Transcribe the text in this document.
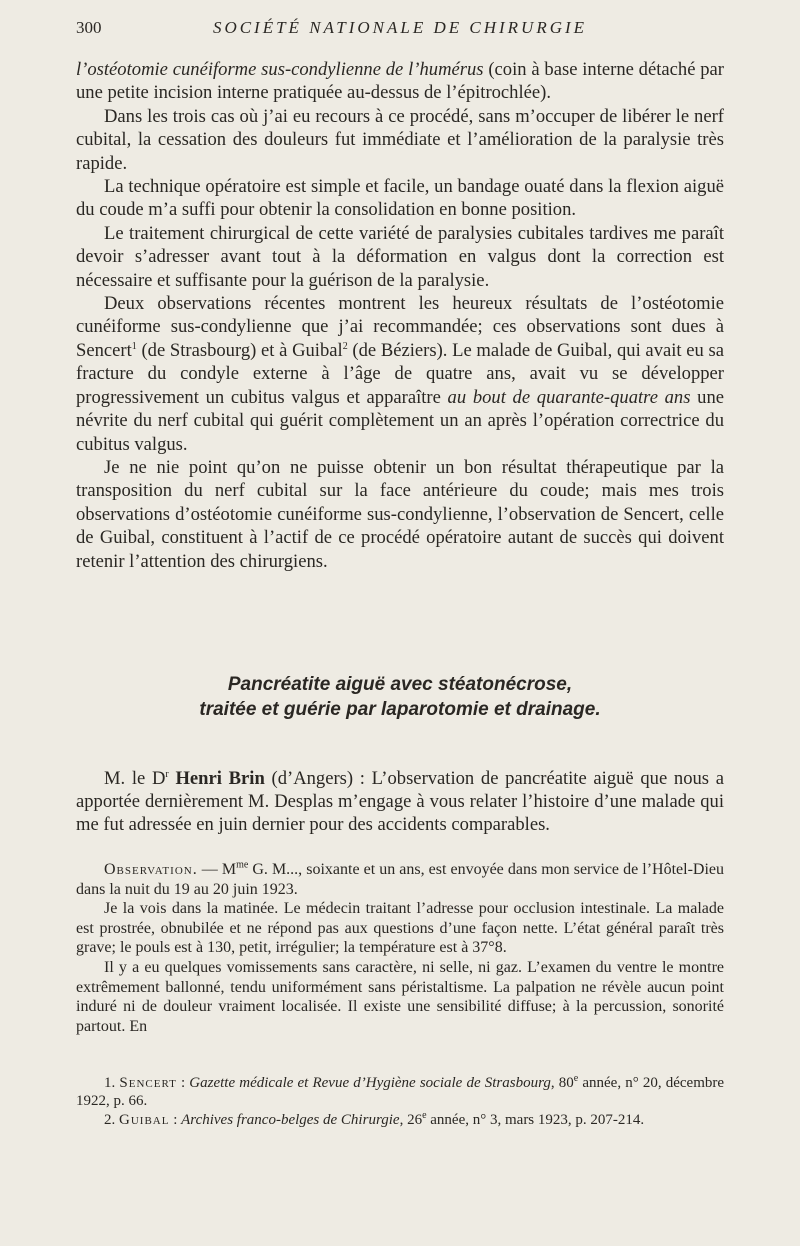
300	SOCIÉTÉ NATIONALE DE CHIRURGIE

l’ostéotomie cunéiforme sus-condylienne de l’humérus (coin à base interne détaché par une petite incision interne pratiquée au-dessus de l’épitrochlée).

Dans les trois cas où j’ai eu recours à ce procédé, sans m’occuper de libérer le nerf cubital, la cessation des douleurs fut immédiate et l’amélioration de la paralysie très rapide.

La technique opératoire est simple et facile, un bandage ouaté dans la flexion aiguë du coude m’a suffi pour obtenir la consolidation en bonne position.

Le traitement chirurgical de cette variété de paralysies cubitales tardives me paraît devoir s’adresser avant tout à la déformation en valgus dont la correction est nécessaire et suffisante pour la guérison de la paralysie.

Deux observations récentes montrent les heureux résultats de l’ostéotomie cunéiforme sus-condylienne que j’ai recommandée; ces observations sont dues à Sencert$^1$ (de Strasbourg) et à Guibal$^2$ (de Béziers). Le malade de Guibal, qui avait eu sa fracture du condyle externe à l’âge de quatre ans, avait vu se développer progressivement un cubitus valgus et apparaître au bout de quarante-quatre ans une névrite du nerf cubital qui guérit complètement un an après l’opération correctrice du cubitus valgus.

Je ne nie point qu’on ne puisse obtenir un bon résultat thérapeutique par la transposition du nerf cubital sur la face antérieure du coude; mais mes trois observations d’ostéotomie cunéiforme sus-condylienne, l’observation de Sencert, celle de Guibal, constituent à l’actif de ce procédé opératoire autant de succès qui doivent retenir l’attention des chirurgiens.

Pancréatite aiguë avec stéatonécrose,
traitée et guérie par laparotomie et drainage.

M. le $D^r$ Henri Brin (d’Angers) : L’observation de pancréatite aiguë que nous a apportée dernièrement M. Desplas m’engage à vous relater l’histoire d’une malade qui me fut adressée en juin dernier pour des accidents comparables.

Observation. — $M^{me}$ G. M..., soixante et un ans, est envoyée dans mon service de l’Hôtel-Dieu dans la nuit du 19 au 20 juin 1923.

Je la vois dans la matinée. Le médecin traitant l’adresse pour occlusion intestinale. La malade est prostrée, obnubilée et ne répond pas aux questions d’une façon nette. L’état général paraît très grave; le pouls est à 130, petit, irrégulier; la température est à 37°8.

Il y a eu quelques vomissements sans caractère, ni selle, ni gaz. L’examen du ventre le montre extrêmement ballonné, tendu uniformément sans péristaltisme. La palpation ne révèle aucun point induré ni de douleur vraiment localisée. Il existe une sensibilité diffuse; à la percussion, sonorité partout. En

1. Sencert : Gazette médicale et Revue d’Hygiène sociale de Strasbourg, 80e année, n° 20, décembre 1922, p. 66.

2. Guibal : Archives franco-belges de Chirurgie, 26e année, n° 3, mars 1923, p. 207-214.
